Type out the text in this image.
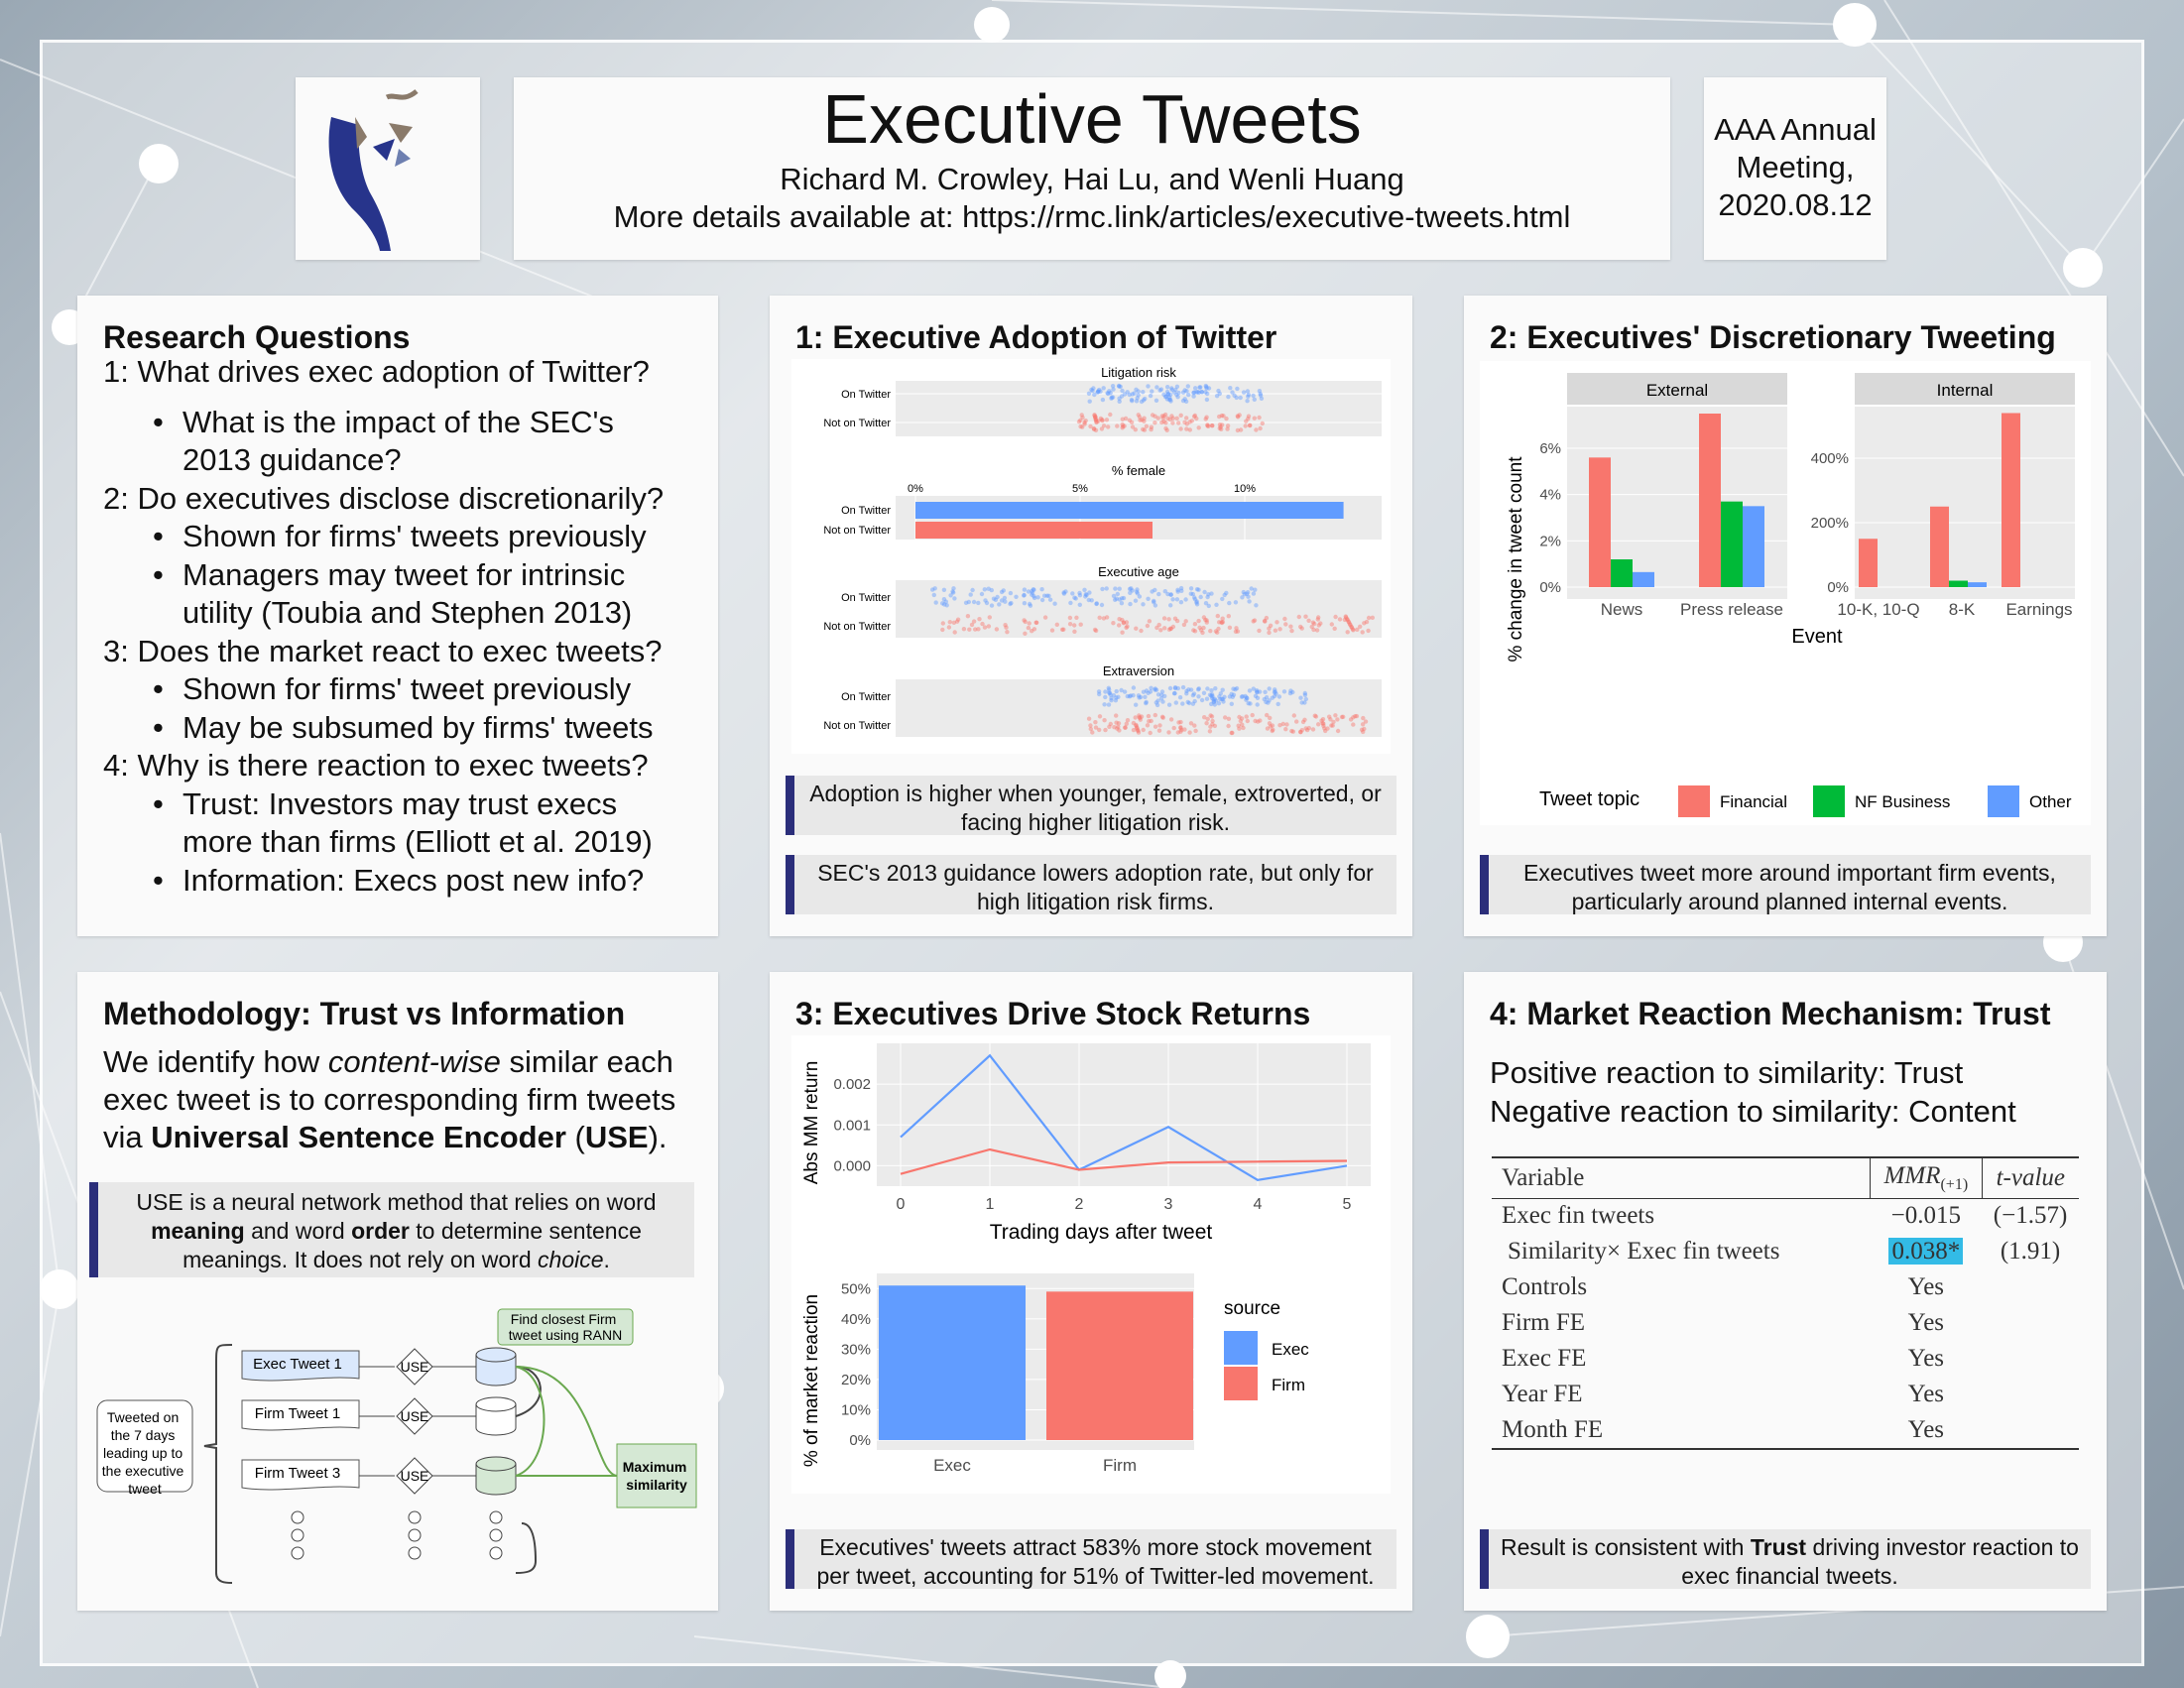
Executive Tweets
Richard M. Crowley, Hai Lu, and Wenli Huang
More details available at: https://rmc.link/articles/executive-tweets.html
AAA Annual
Meeting,
2020.08.12
Research Questions
1: What drives exec adoption of Twitter?
• What is the impact of the SEC's
2013 guidance?
2: Do executives disclose discretionarily?
• Shown for firms' tweets previously
• Managers may tweet for intrinsic
utility (Toubia and Stephen 2013)
3: Does the market react to exec tweets?
• Shown for firms' tweet previously
• May be subsumed by firms' tweets
4: Why is there reaction to exec tweets?
• Trust: Investors may trust execs
more than firms (Elliott et al. 2019)
• Information: Execs post new info?
1: Executive Adoption of Twitter
Litigation risk
On Twitter
Not on Twitter
% female
0%	5%	10%
On Twitter
Not on Twitter
Executive age
On Twitter
Not on Twitter
Extraversion
On Twitter
Not on Twitter
Adoption is higher when younger, female, extroverted, or facing higher litigation risk.
SEC's 2013 guidance lowers adoption rate, but only for high litigation risk firms.
2: Executives' Discretionary Tweeting
% change in tweet count
External
0%
2%
4%
6%
Internal
0%
200%
400%
News Press release	10-K, 10-Q 8-K Earnings
Event
Tweet topic	Financial	NF Business	Other
Executives tweet more around important firm events, particularly around planned internal events.
Methodology: Trust vs Information
We identify how content-wise similar each
exec tweet is to corresponding firm tweets
via Universal Sentence Encoder (USE).
USE is a neural network method that relies on word meaning and word order to determine sentence meanings. It does not rely on word choice.
Tweeted on the 7 days leading up to the executive tweet
Exec Tweet 1
Firm Tweet 1
Firm Tweet 3
USE
USE
USE
Find closest Firm tweet using RANN
Maximum similarity
3: Executives Drive Stock Returns
Abs MM return 0.000
0.001
0.002
0	1	2	3	4	5
Trading days after tweet
% of market reaction 0%
10%
20%
30%
40%
50%
Exec	Firm
source
Exec
Firm
Executives' tweets attract 583% more stock movement per tweet, accounting for 51% of Twitter-led movement.
4: Market Reaction Mechanism: Trust
Positive reaction to similarity: Trust
Negative reaction to similarity: Content
Variable	$MMR_{(+1)}$	t-value
Exec fin tweets	−0.015	(−1.57)
Similarity× Exec fin tweets	0.038*	(1.91)
Controls	Yes	
Firm FE	Yes	
Exec FE	Yes	
Year FE	Yes	
Month FE	Yes	
Result is consistent with Trust driving investor reaction to exec financial tweets.
